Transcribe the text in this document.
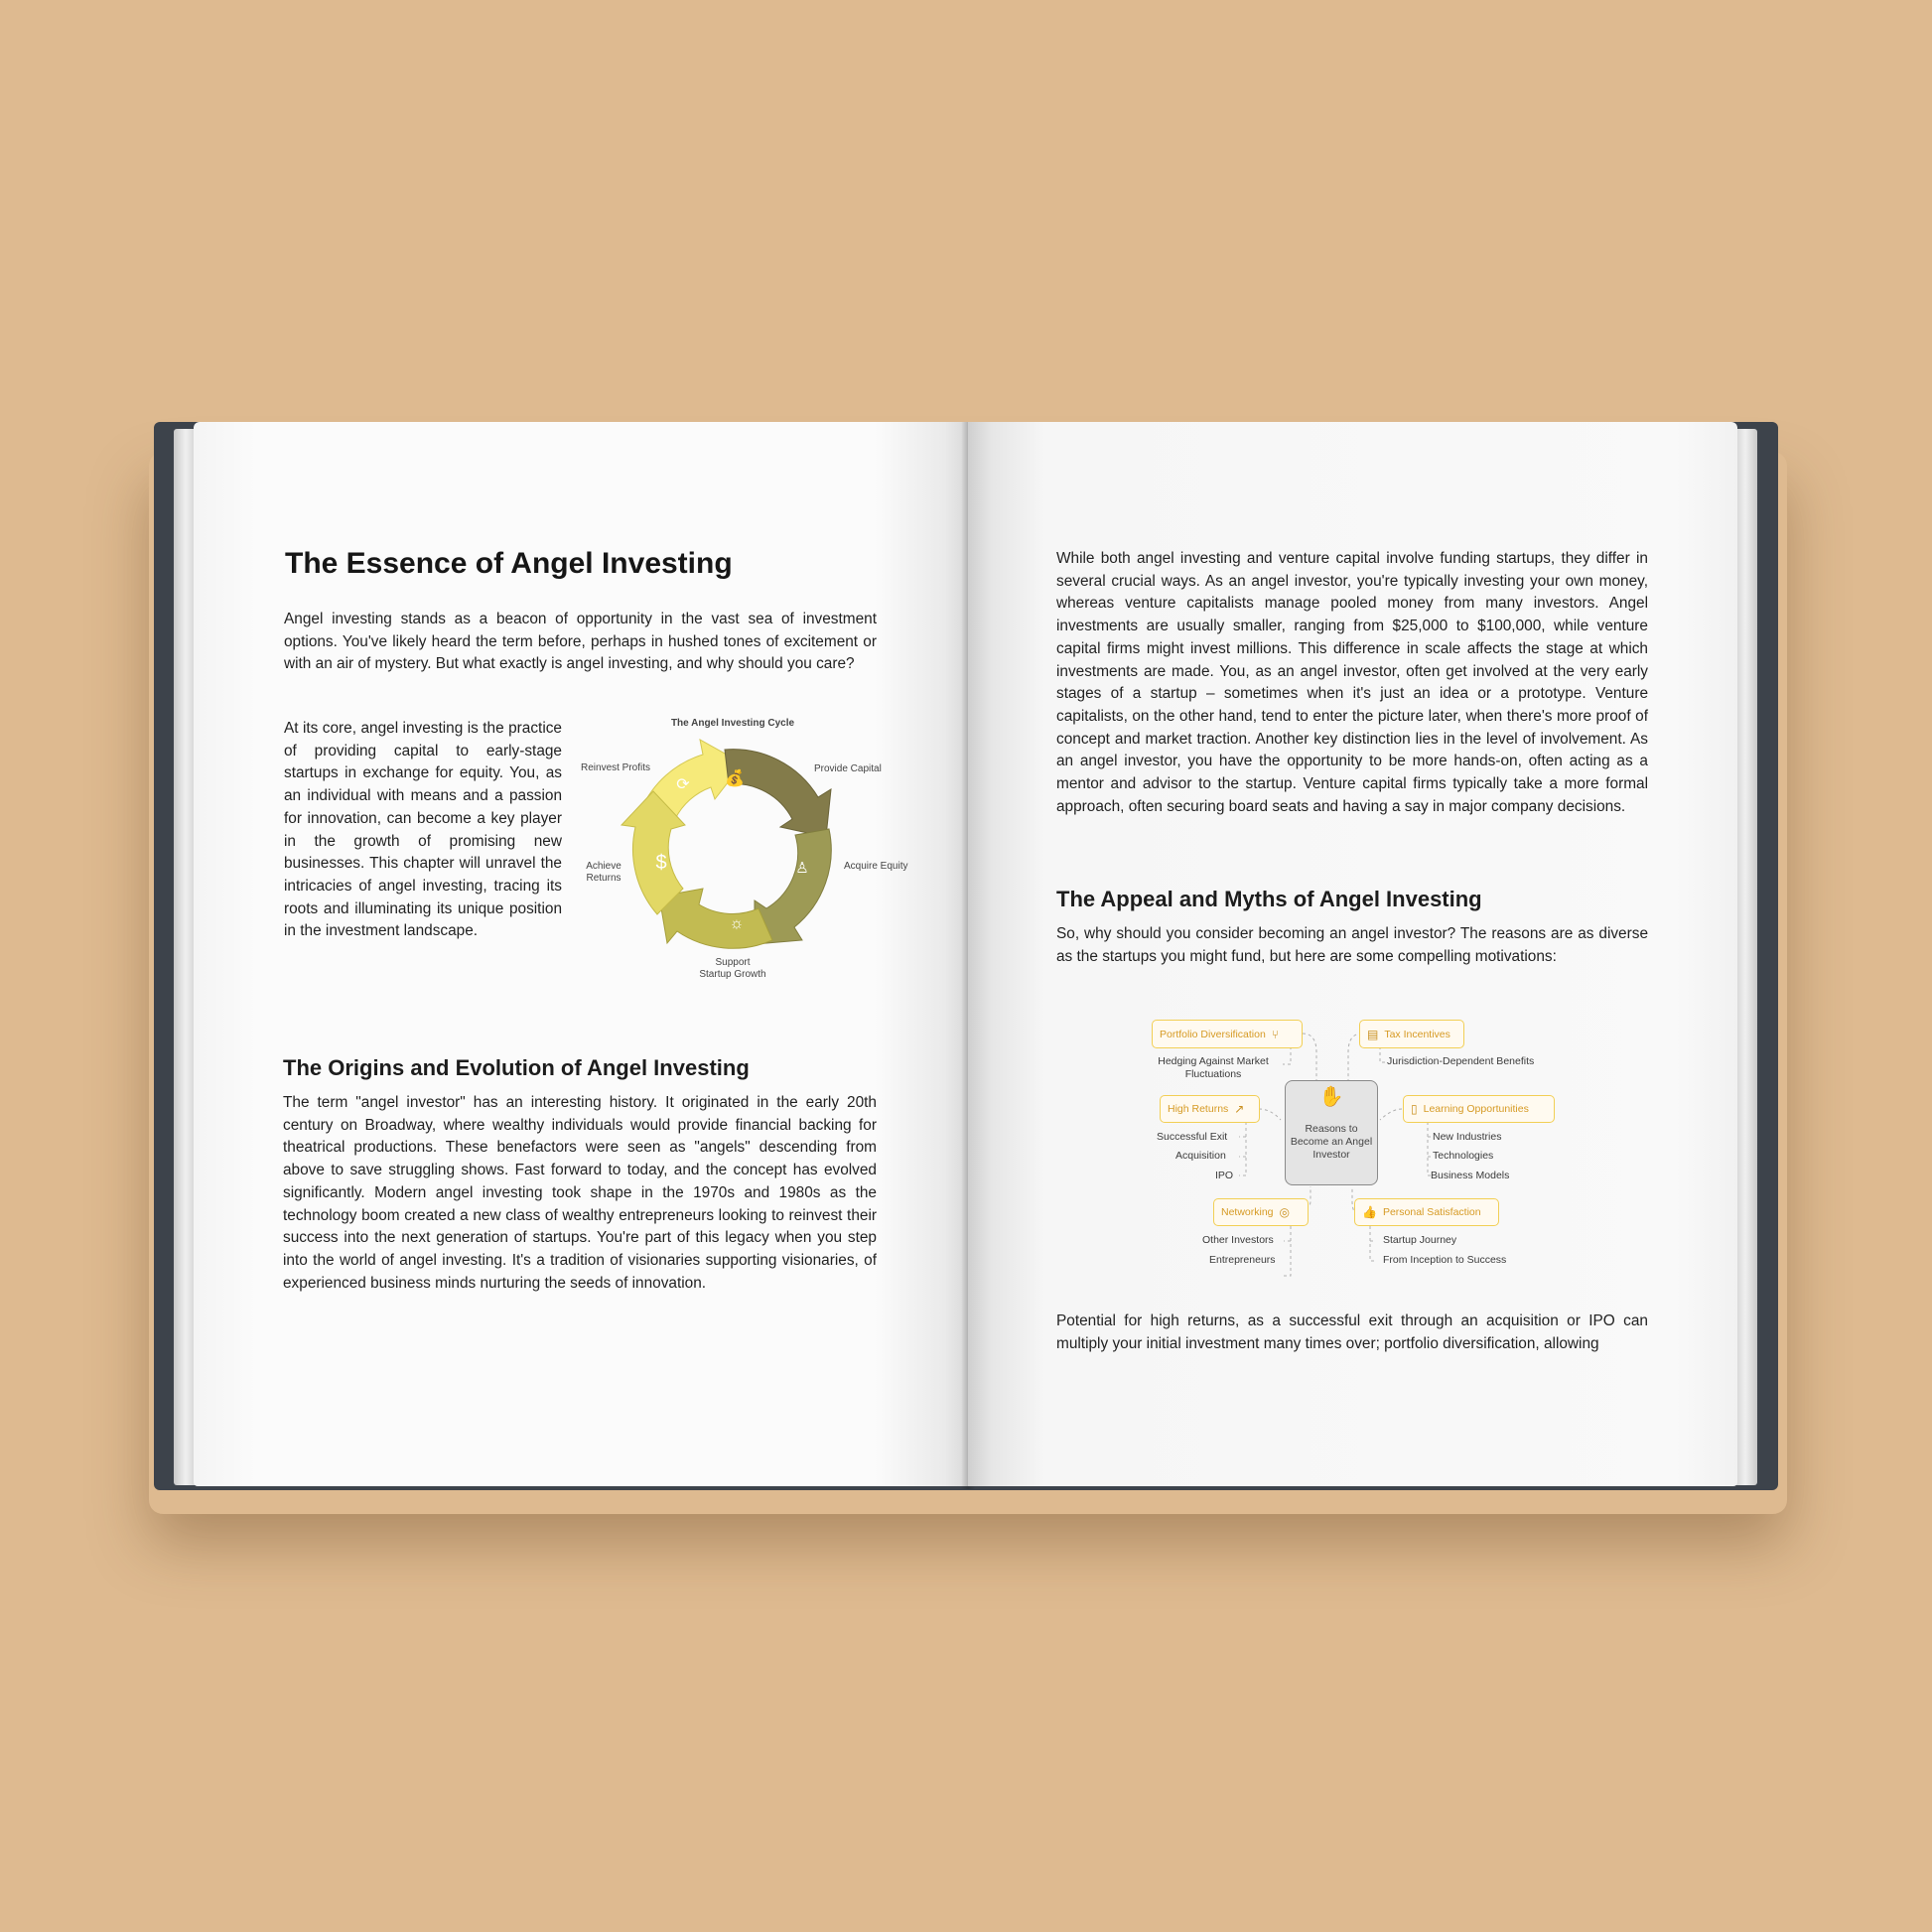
The Essence of Angel Investing
Angel investing stands as a beacon of opportunity in the vast sea of investment options. You've likely heard the term before, perhaps in hushed tones of excitement or with an air of mystery. But what exactly is angel investing, and why should you care?
At its core, angel investing is the practice of providing capital to early-stage startups in exchange for equity. You, as an individual with means and a passion for innovation, can become a key player in the growth of promising new businesses. This chapter will unravel the intricacies of angel investing, tracing its roots and illuminating its unique position in the investment landscape.
The Angel Investing Cycle
💰
♙
☼
$
⟳
Provide Capital
Acquire Equity
Support
Startup Growth
Achieve
Returns
Reinvest Profits
The Origins and Evolution of Angel Investing
The term "angel investor" has an interesting history. It originated in the early 20th century on Broadway, where wealthy individuals would provide financial backing for theatrical productions. These benefactors were seen as "angels" descending from above to save struggling shows. Fast forward to today, and the concept has evolved significantly. Modern angel investing took shape in the 1970s and 1980s as the technology boom created a new class of wealthy entrepreneurs looking to reinvest their success into the next generation of startups. You're part of this legacy when you step into the world of angel investing. It's a tradition of visionaries supporting visionaries, of experienced business minds nurturing the seeds of innovation.
While both angel investing and venture capital involve funding startups, they differ in several crucial ways. As an angel investor, you're typically investing your own money, whereas venture capitalists manage pooled money from many investors. Angel investments are usually smaller, ranging from $25,000 to $100,000, while venture capital firms might invest millions. This difference in scale affects the stage at which investments are made. You, as an angel investor, often get involved at the very early stages of a startup – sometimes when it's just an idea or a prototype. Venture capitalists, on the other hand, tend to enter the picture later, when there's more proof of concept and market traction. Another key distinction lies in the level of involvement. As an angel investor, you have the opportunity to be more hands-on, often acting as a mentor and advisor to the startup. Venture capital firms typically take a more formal approach, often securing board seats and having a say in major company decisions.
The Appeal and Myths of Angel Investing
So, why should you consider becoming an angel investor? The reasons are as diverse as the startups you might fund, but here are some compelling motivations:
✋
Reasons to Become an Angel Investor
Portfolio Diversification ⑂
Hedging Against Market
Fluctuations
▤ Tax Incentives
Jurisdiction-Dependent Benefits
High Returns ↗
Successful Exit
Acquisition
IPO
▯ Learning Opportunities
New Industries
Technologies
Business Models
Networking ◎
Other Investors
Entrepreneurs
👍 Personal Satisfaction
Startup Journey
From Inception to Success
Potential for high returns, as a successful exit through an acquisition or IPO can multiply your initial investment many times over; portfolio diversification, allowing
